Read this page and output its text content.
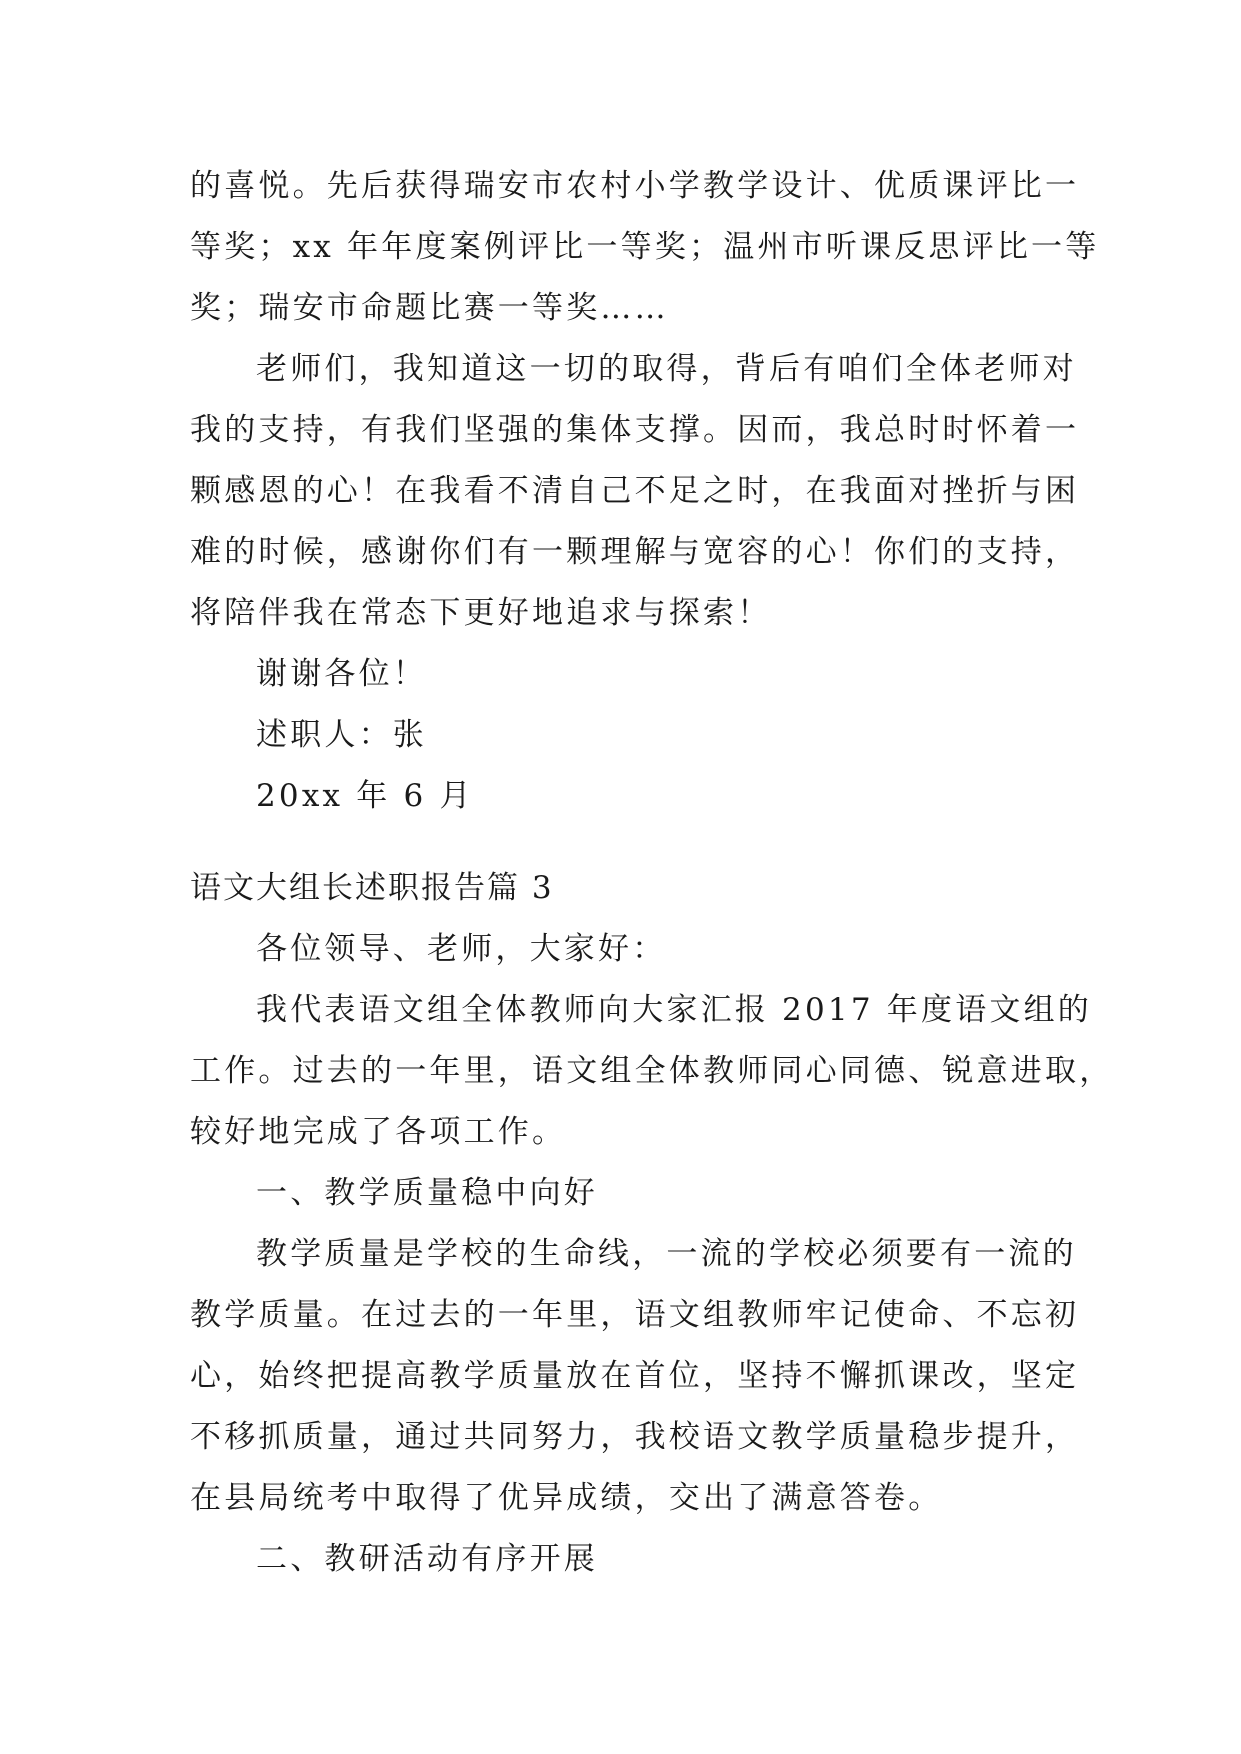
的喜悦。先后获得瑞安市农村小学教学设计、优质课评比一
等奖；xx 年年度案例评比一等奖；温州市听课反思评比一等
奖；瑞安市命题比赛一等奖……
老师们，我知道这一切的取得，背后有咱们全体老师对
我的支持，有我们坚强的集体支撑。因而，我总时时怀着一
颗感恩的心！在我看不清自己不足之时，在我面对挫折与困
难的时候，感谢你们有一颗理解与宽容的心！你们的支持，
将陪伴我在常态下更好地追求与探索！
谢谢各位！
述职人：张
20xx 年 6 月
语文大组长述职报告篇 3
各位领导、老师，大家好：
我代表语文组全体教师向大家汇报 2017 年度语文组的
工作。过去的一年里，语文组全体教师同心同德、锐意进取，
较好地完成了各项工作。
一、教学质量稳中向好
教学质量是学校的生命线，一流的学校必须要有一流的
教学质量。在过去的一年里，语文组教师牢记使命、不忘初
心，始终把提高教学质量放在首位，坚持不懈抓课改，坚定
不移抓质量，通过共同努力，我校语文教学质量稳步提升，
在县局统考中取得了优异成绩，交出了满意答卷。
二、教研活动有序开展
